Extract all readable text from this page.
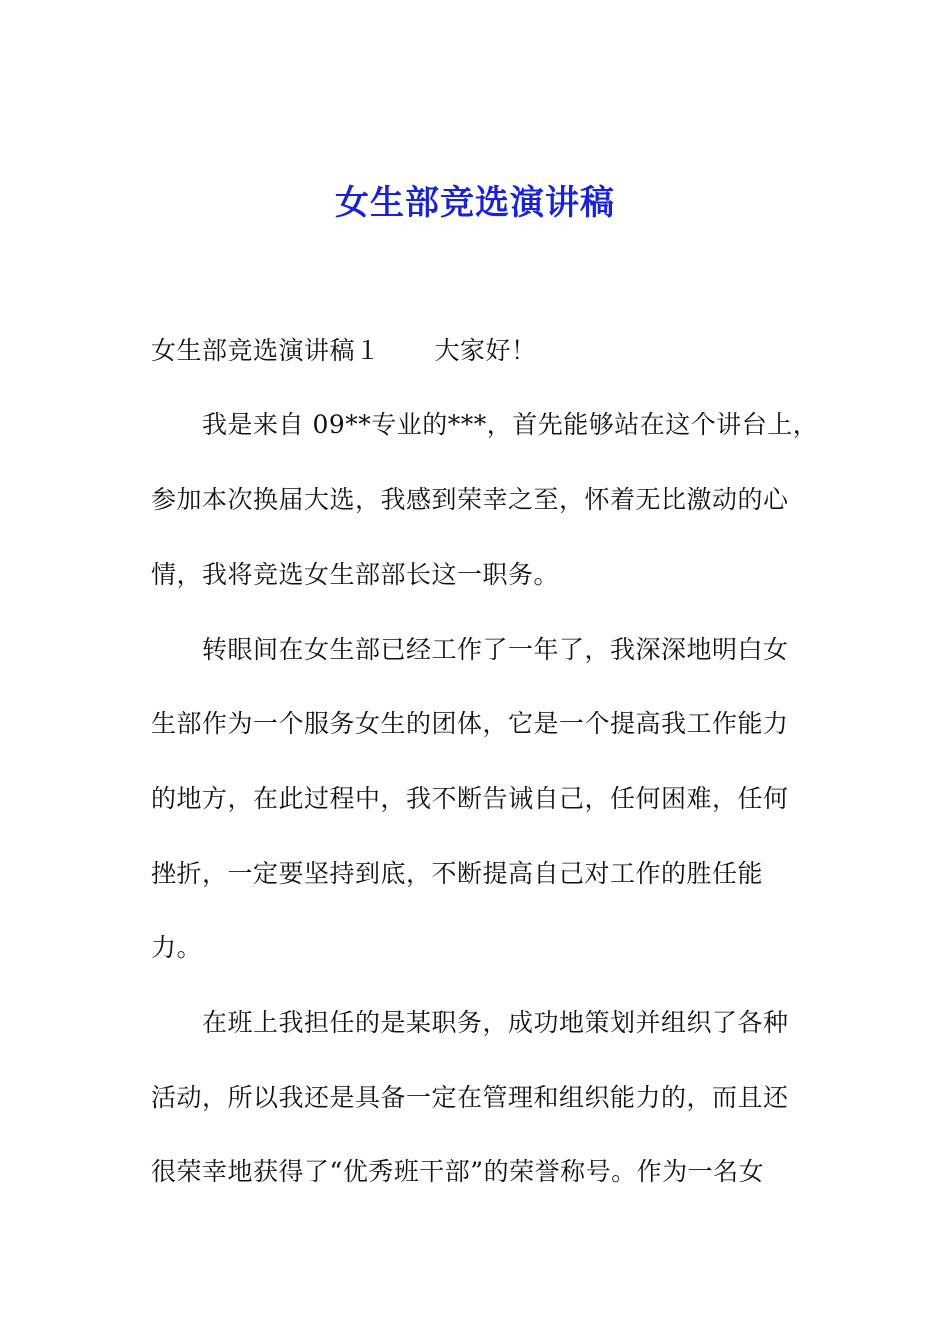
女生部竞选演讲稿
女生部竞选演讲稿１ 大家好！
我是来自 09**专业的***，首先能够站在这个讲台上，
参加本次换届大选，我感到荣幸之至，怀着无比激动的心
情，我将竞选女生部部长这一职务。
转眼间在女生部已经工作了一年了，我深深地明白女
生部作为一个服务女生的团体，它是一个提高我工作能力
的地方，在此过程中，我不断告诫自己，任何困难，任何
挫折，一定要坚持到底，不断提高自己对工作的胜任能
力。
在班上我担任的是某职务，成功地策划并组织了各种
活动，所以我还是具备一定在管理和组织能力的，而且还
很荣幸地获得了“优秀班干部”的荣誉称号。作为一名女
